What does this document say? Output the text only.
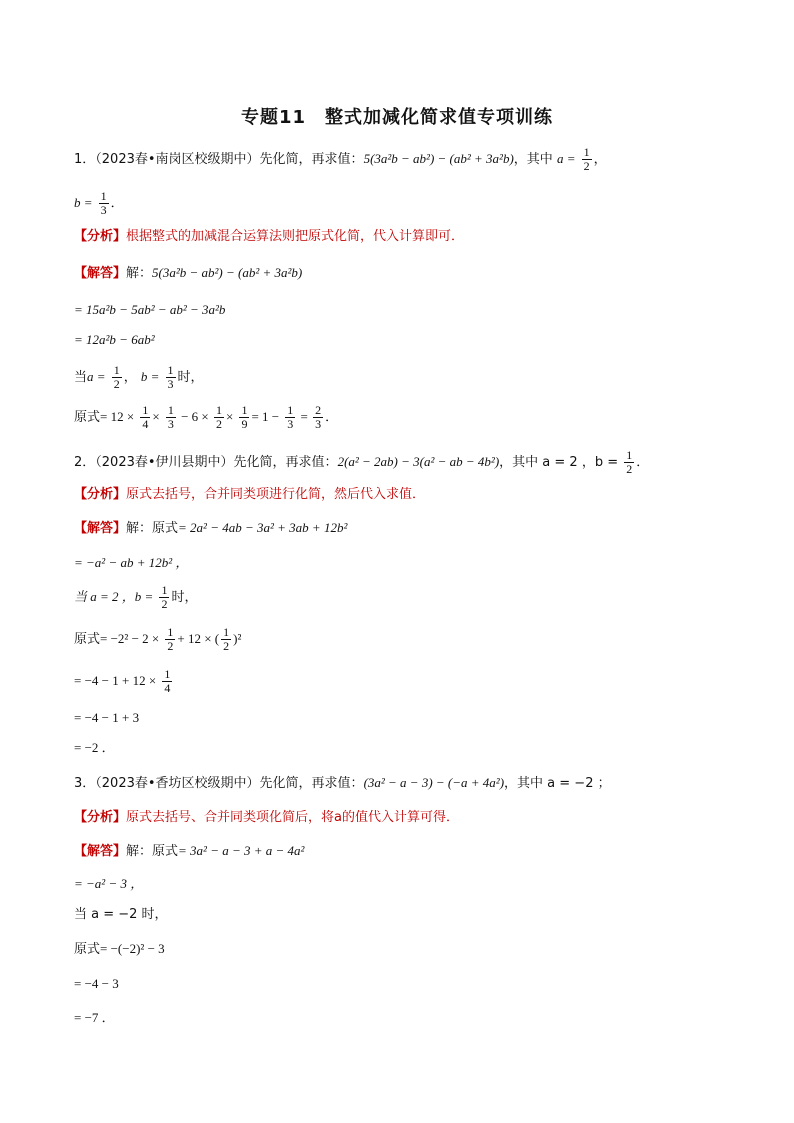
专题11　整式加减化简求值专项训练
1．（2023春•南岗区校级期中）先化简，再求值：5(3a²b − ab²) − (ab² + 3a²b)，其中 $a = \frac{1}{2}$ ，
$b = \frac{1}{3}$ ．
【分析】根据整式的加减混合运算法则把原式化简，代入计算即可．
【解答】解：5(3a²b − ab²) − (ab² + 3a²b)
= 15a²b − 5ab² − ab² − 3a²b
= 12a²b − 6ab²
当$a = \frac{1}{2}$ ， $b = \frac{1}{3}$ 时，
原式= $12 \times \frac{1}{4} \times \frac{1}{3} - 6 \times \frac{1}{2} \times \frac{1}{9} = 1 - \frac{1}{3} = \frac{2}{3}$ ．
2．（2023春•伊川县期中）先化简，再求值：2(a² − 2ab) − 3(a² − ab − 4b²)，其中 a = 2 ，$b = \frac{1}{2}$ ．
【分析】原式去括号，合并同类项进行化简，然后代入求值．
【解答】解：原式= 2a² − 4ab − 3a² + 3ab + 12b²
= −a² − ab + 12b² ，
当 a = 2 ，$b = \frac{1}{2}$ 时，
原式= $-2^2 - 2 \times \frac{1}{2} + 12$ × ( $\frac{1}{2} )^2$
= $-4 - 1 + 12 \times \frac{1}{4}$
= −4 − 1 + 3
= −2 ．
3．（2023春•香坊区校级期中）先化简，再求值：(3a² − a − 3) − (−a + 4a²)，其中 a = −2 ；
【分析】原式去括号、合并同类项化简后，将a的值代入计算可得．
【解答】解：原式= 3a² − a − 3 + a − 4a²
= −a² − 3 ，
当 a = −2 时，
原式= −(−2)² − 3
= −4 − 3
= −7 ．
